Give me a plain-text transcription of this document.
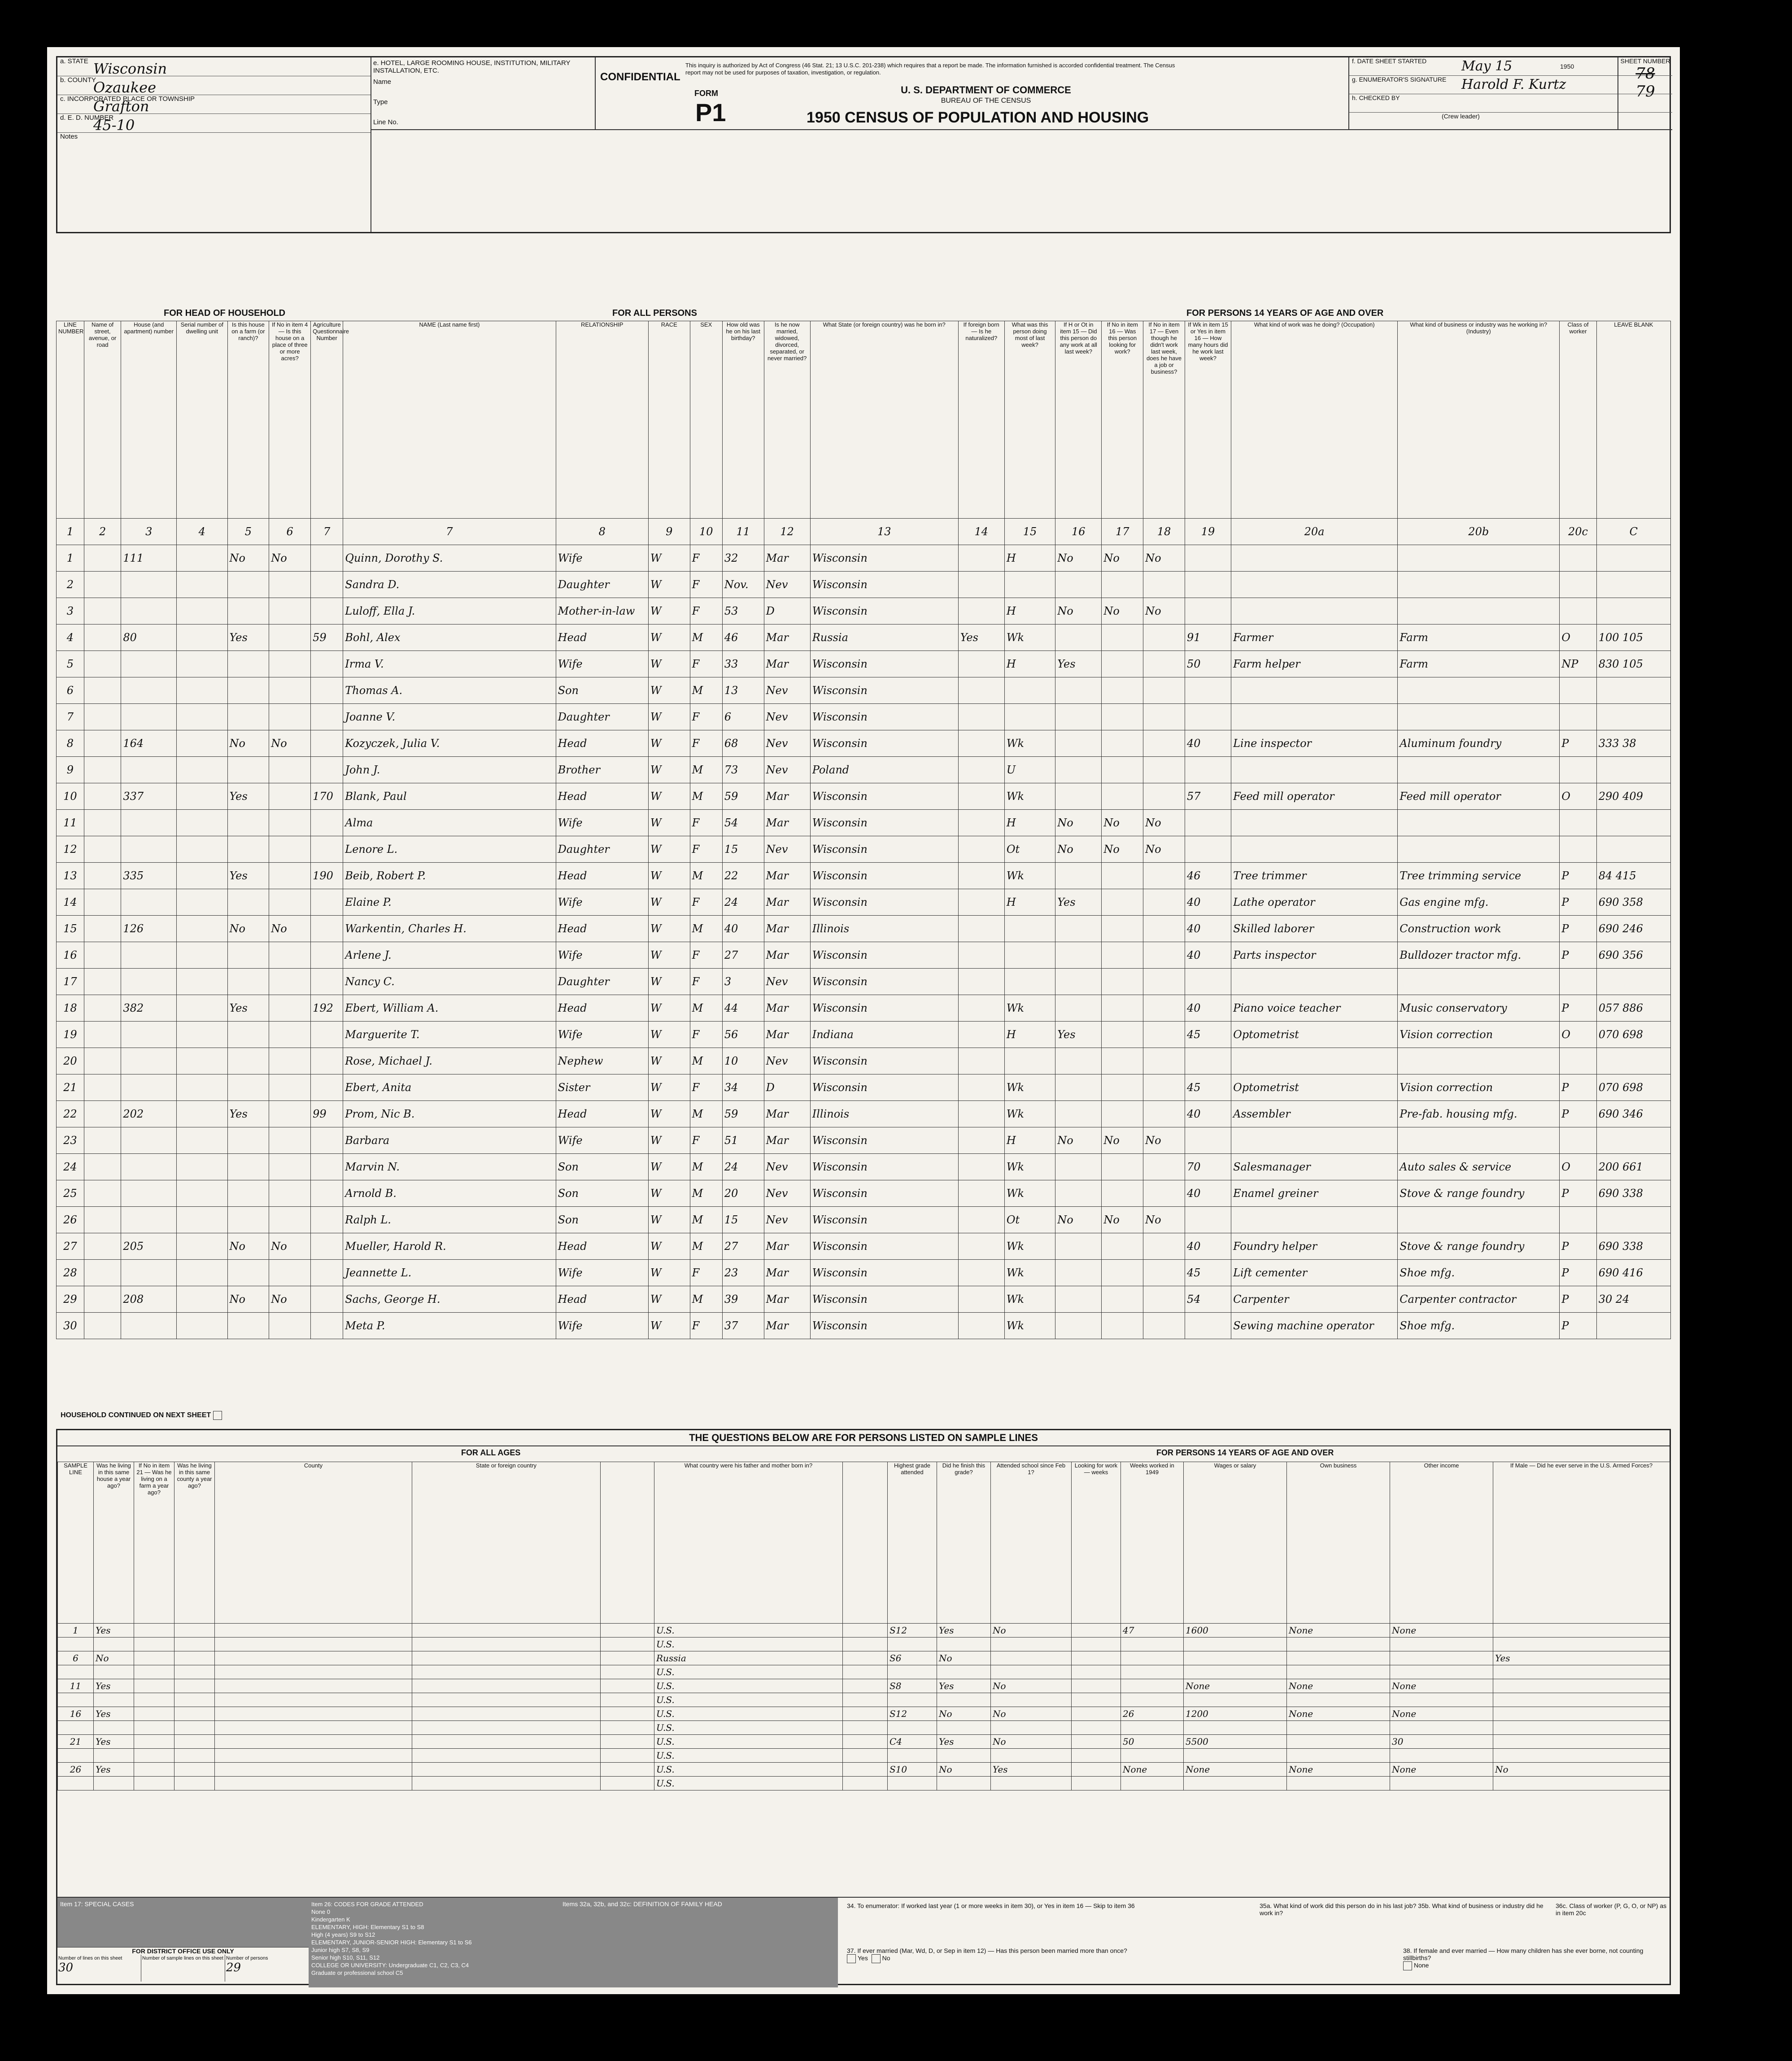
a. STATE Wisconsin
b. COUNTY
Ozaukee
c. INCORPORATED PLACE OR TOWNSHIP
Grafton
d. E. D. NUMBER
45-10
Notes
e. HOTEL, LARGE ROOMING HOUSE, INSTITUTION, MILITARY INSTALLATION, ETC.
Name
Type
Line No.
CONFIDENTIAL
This inquiry is authorized by Act of Congress (46 Stat. 21; 13 U.S.C. 201-238) which requires that a report be made. The information furnished is accorded confidential treatment. The Census report may not be used for purposes of taxation, investigation, or regulation.
FORM
P1
U. S. DEPARTMENT OF COMMERCE
BUREAU OF THE CENSUS
1950 CENSUS OF POPULATION AND HOUSING
f. DATE SHEET STARTED	May 15	1950
g. ENUMERATOR'S SIGNATURE Harold F. Kurtz
h. CHECKED BY
(Crew leader)
SHEET NUMBER
78
79
FOR HEAD OF HOUSEHOLD	FOR ALL PERSONS	FOR PERSONS 14 YEARS OF AGE AND OVER
LINE NUMBER	Name of street, avenue, or road	House (and apartment) number	Serial number of dwelling unit	Is this house on a farm (or ranch)?	If No in item 4 — Is this house on a place of three or more acres?	Agriculture Questionnaire Number	NAME (Last name first)	RELATIONSHIP	RACE	SEX	How old was he on his last birthday?	Is he now married, widowed, divorced, separated, or never married?	What State (or foreign country) was he born in?	If foreign born — Is he naturalized?	What was this person doing most of last week?	If H or Ot in item 15 — Did this person do any work at all last week?	If No in item 16 — Was this person looking for work?	If No in item 17 — Even though he didn't work last week, does he have a job or business?	If Wk in item 15 or Yes in item 16 — How many hours did he work last week?	What kind of work was he doing? (Occupation)	What kind of business or industry was he working in? (Industry)	Class of worker	LEAVE BLANK
1	2	3	4	5	6	7	7	8	9	10	11	12	13	14	15	16	17	18	19	20a	20b	20c	C
1		111		No	No		Quinn, Dorothy S.	Wife	W	F	32	Mar	Wisconsin		H	No	No	No					
2							Sandra D.	Daughter	W	F	Nov.	Nev	Wisconsin										
3							Luloff, Ella J.	Mother-in-law	W	F	53	D	Wisconsin		H	No	No	No					
4		80		Yes		59	Bohl, Alex	Head	W	M	46	Mar	Russia	Yes	Wk				91	Farmer	Farm	O	100 105
5							Irma V.	Wife	W	F	33	Mar	Wisconsin		H	Yes			50	Farm helper	Farm	NP	830 105
6							Thomas A.	Son	W	M	13	Nev	Wisconsin										
7							Joanne V.	Daughter	W	F	6	Nev	Wisconsin										
8		164		No	No		Kozyczek, Julia V.	Head	W	F	68	Nev	Wisconsin		Wk				40	Line inspector	Aluminum foundry	P	333 38
9							John J.	Brother	W	M	73	Nev	Poland		U								
10		337		Yes		170	Blank, Paul	Head	W	M	59	Mar	Wisconsin		Wk				57	Feed mill operator	Feed mill operator	O	290 409
11							Alma	Wife	W	F	54	Mar	Wisconsin		H	No	No	No					
12							Lenore L.	Daughter	W	F	15	Nev	Wisconsin		Ot	No	No	No					
13		335		Yes		190	Beib, Robert P.	Head	W	M	22	Mar	Wisconsin		Wk				46	Tree trimmer	Tree trimming service	P	84 415
14							Elaine P.	Wife	W	F	24	Mar	Wisconsin		H	Yes			40	Lathe operator	Gas engine mfg.	P	690 358
15		126		No	No		Warkentin, Charles H.	Head	W	M	40	Mar	Illinois						40	Skilled laborer	Construction work	P	690 246
16							Arlene J.	Wife	W	F	27	Mar	Wisconsin						40	Parts inspector	Bulldozer tractor mfg.	P	690 356
17							Nancy C.	Daughter	W	F	3	Nev	Wisconsin										
18		382		Yes		192	Ebert, William A.	Head	W	M	44	Mar	Wisconsin		Wk				40	Piano voice teacher	Music conservatory	P	057 886
19							Marguerite T.	Wife	W	F	56	Mar	Indiana		H	Yes			45	Optometrist	Vision correction	O	070 698
20							Rose, Michael J.	Nephew	W	M	10	Nev	Wisconsin										
21							Ebert, Anita	Sister	W	F	34	D	Wisconsin		Wk				45	Optometrist	Vision correction	P	070 698
22		202		Yes		99	Prom, Nic B.	Head	W	M	59	Mar	Illinois		Wk				40	Assembler	Pre-fab. housing mfg.	P	690 346
23							Barbara	Wife	W	F	51	Mar	Wisconsin		H	No	No	No					
24							Marvin N.	Son	W	M	24	Nev	Wisconsin		Wk				70	Salesmanager	Auto sales & service	O	200 661
25							Arnold B.	Son	W	M	20	Nev	Wisconsin		Wk				40	Enamel greiner	Stove & range foundry	P	690 338
26							Ralph L.	Son	W	M	15	Nev	Wisconsin		Ot	No	No	No					
27		205		No	No		Mueller, Harold R.	Head	W	M	27	Mar	Wisconsin		Wk				40	Foundry helper	Stove & range foundry	P	690 338
28							Jeannette L.	Wife	W	F	23	Mar	Wisconsin		Wk				45	Lift cementer	Shoe mfg.	P	690 416
29		208		No	No		Sachs, George H.	Head	W	M	39	Mar	Wisconsin		Wk				54	Carpenter	Carpenter contractor	P	30 24
30							Meta P.	Wife	W	F	37	Mar	Wisconsin		Wk					Sewing machine operator	Shoe mfg.	P	
HOUSEHOLD CONTINUED ON NEXT SHEET
THE QUESTIONS BELOW ARE FOR PERSONS LISTED ON SAMPLE LINES
FOR ALL AGES	FOR PERSONS 14 YEARS OF AGE AND OVER
SAMPLE LINE	Was he living in this same house a year ago?	If No in item 21 — Was he living on a farm a year ago?	Was he living in this same county a year ago?	County	State or foreign country		What country were his father and mother born in?		Highest grade attended	Did he finish this grade?	Attended school since Feb 1?	Looking for work — weeks	Weeks worked in 1949	Wages or salary	Own business	Other income	If Male — Did he ever serve in the U.S. Armed Forces?
1	Yes						U.S.		S12	Yes	No		47	1600	None	None	
							U.S.										
6	No						Russia		S6	No							Yes
							U.S.										
11	Yes						U.S.		S8	Yes	No			None	None	None	
							U.S.										
16	Yes						U.S.		S12	No	No		26	1200	None	None	
							U.S.										
21	Yes						U.S.		C4	Yes	No		50	5500		30	
							U.S.										
26	Yes						U.S.		S10	No	Yes		None	None	None	None	No
							U.S.										
Item 17: SPECIAL CASES	Item 26: CODES FOR GRADE ATTENDED
None 0
Kindergarten K
ELEMENTARY, HIGH: Elementary S1 to S8
High (4 years) S9 to S12
ELEMENTARY, JUNIOR-SENIOR HIGH: Elementary S1 to S6
Junior high S7, S8, S9
Senior high S10, S11, S12
COLLEGE OR UNIVERSITY: Undergraduate C1, C2, C3, C4
Graduate or professional school C5
Items 32a, 32b, and 32c: DEFINITION OF FAMILY HEAD
FOR DISTRICT OFFICE USE ONLY
Number of lines on this sheet
30
Number of sample lines on this sheet Number of persons
29
34. To enumerator: If worked last year (1 or more weeks in item 30), or Yes in item 16 — Skip to item 36	35a. What kind of work did this person do in his last job? 35b. What kind of business or industry did he work in?
36c. Class of worker (P, G, O, or NP) as in item 20c
37. If ever married (Mar, Wd, D, or Sep in item 12) — Has this person been married more than once?
Yes No
38. If female and ever married — How many children has she ever borne, not counting stillbirths?
None
